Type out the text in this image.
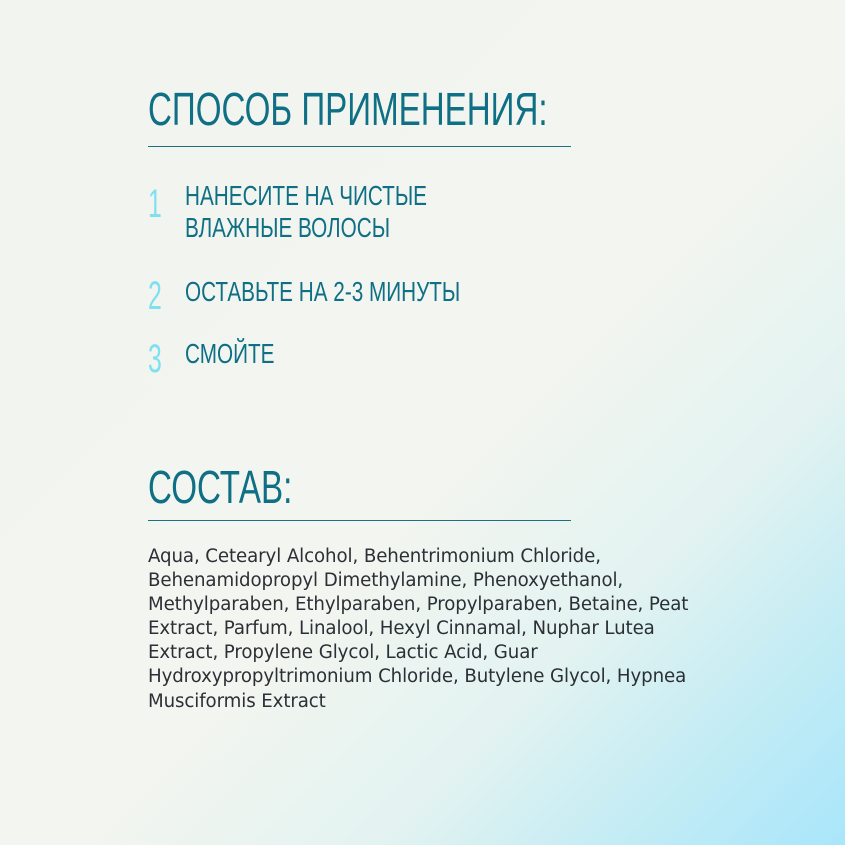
СПОСОБ ПРИМЕНЕНИЯ:
1 НАНЕСИТЕ НА ЧИСТЫЕ
ВЛАЖНЫЕ ВОЛОСЫ
2 ОСТАВЬТЕ НА 2-3 МИНУТЫ
3 СМОЙТЕ
СОСТАВ:
Aqua, Cetearyl Alcohol, Behentrimonium Chloride,
Behenamidopropyl Dimethylamine, Phenoxyethanol,
Methylparaben, Ethylparaben, Propylparaben, Betaine, Peat
Extract, Parfum, Linalool, Hexyl Cinnamal, Nuphar Lutea
Extract, Propylene Glycol, Lactic Acid, Guar
Hydroxypropyltrimonium Chloride, Butylene Glycol, Hypnea
Musciformis Extract
